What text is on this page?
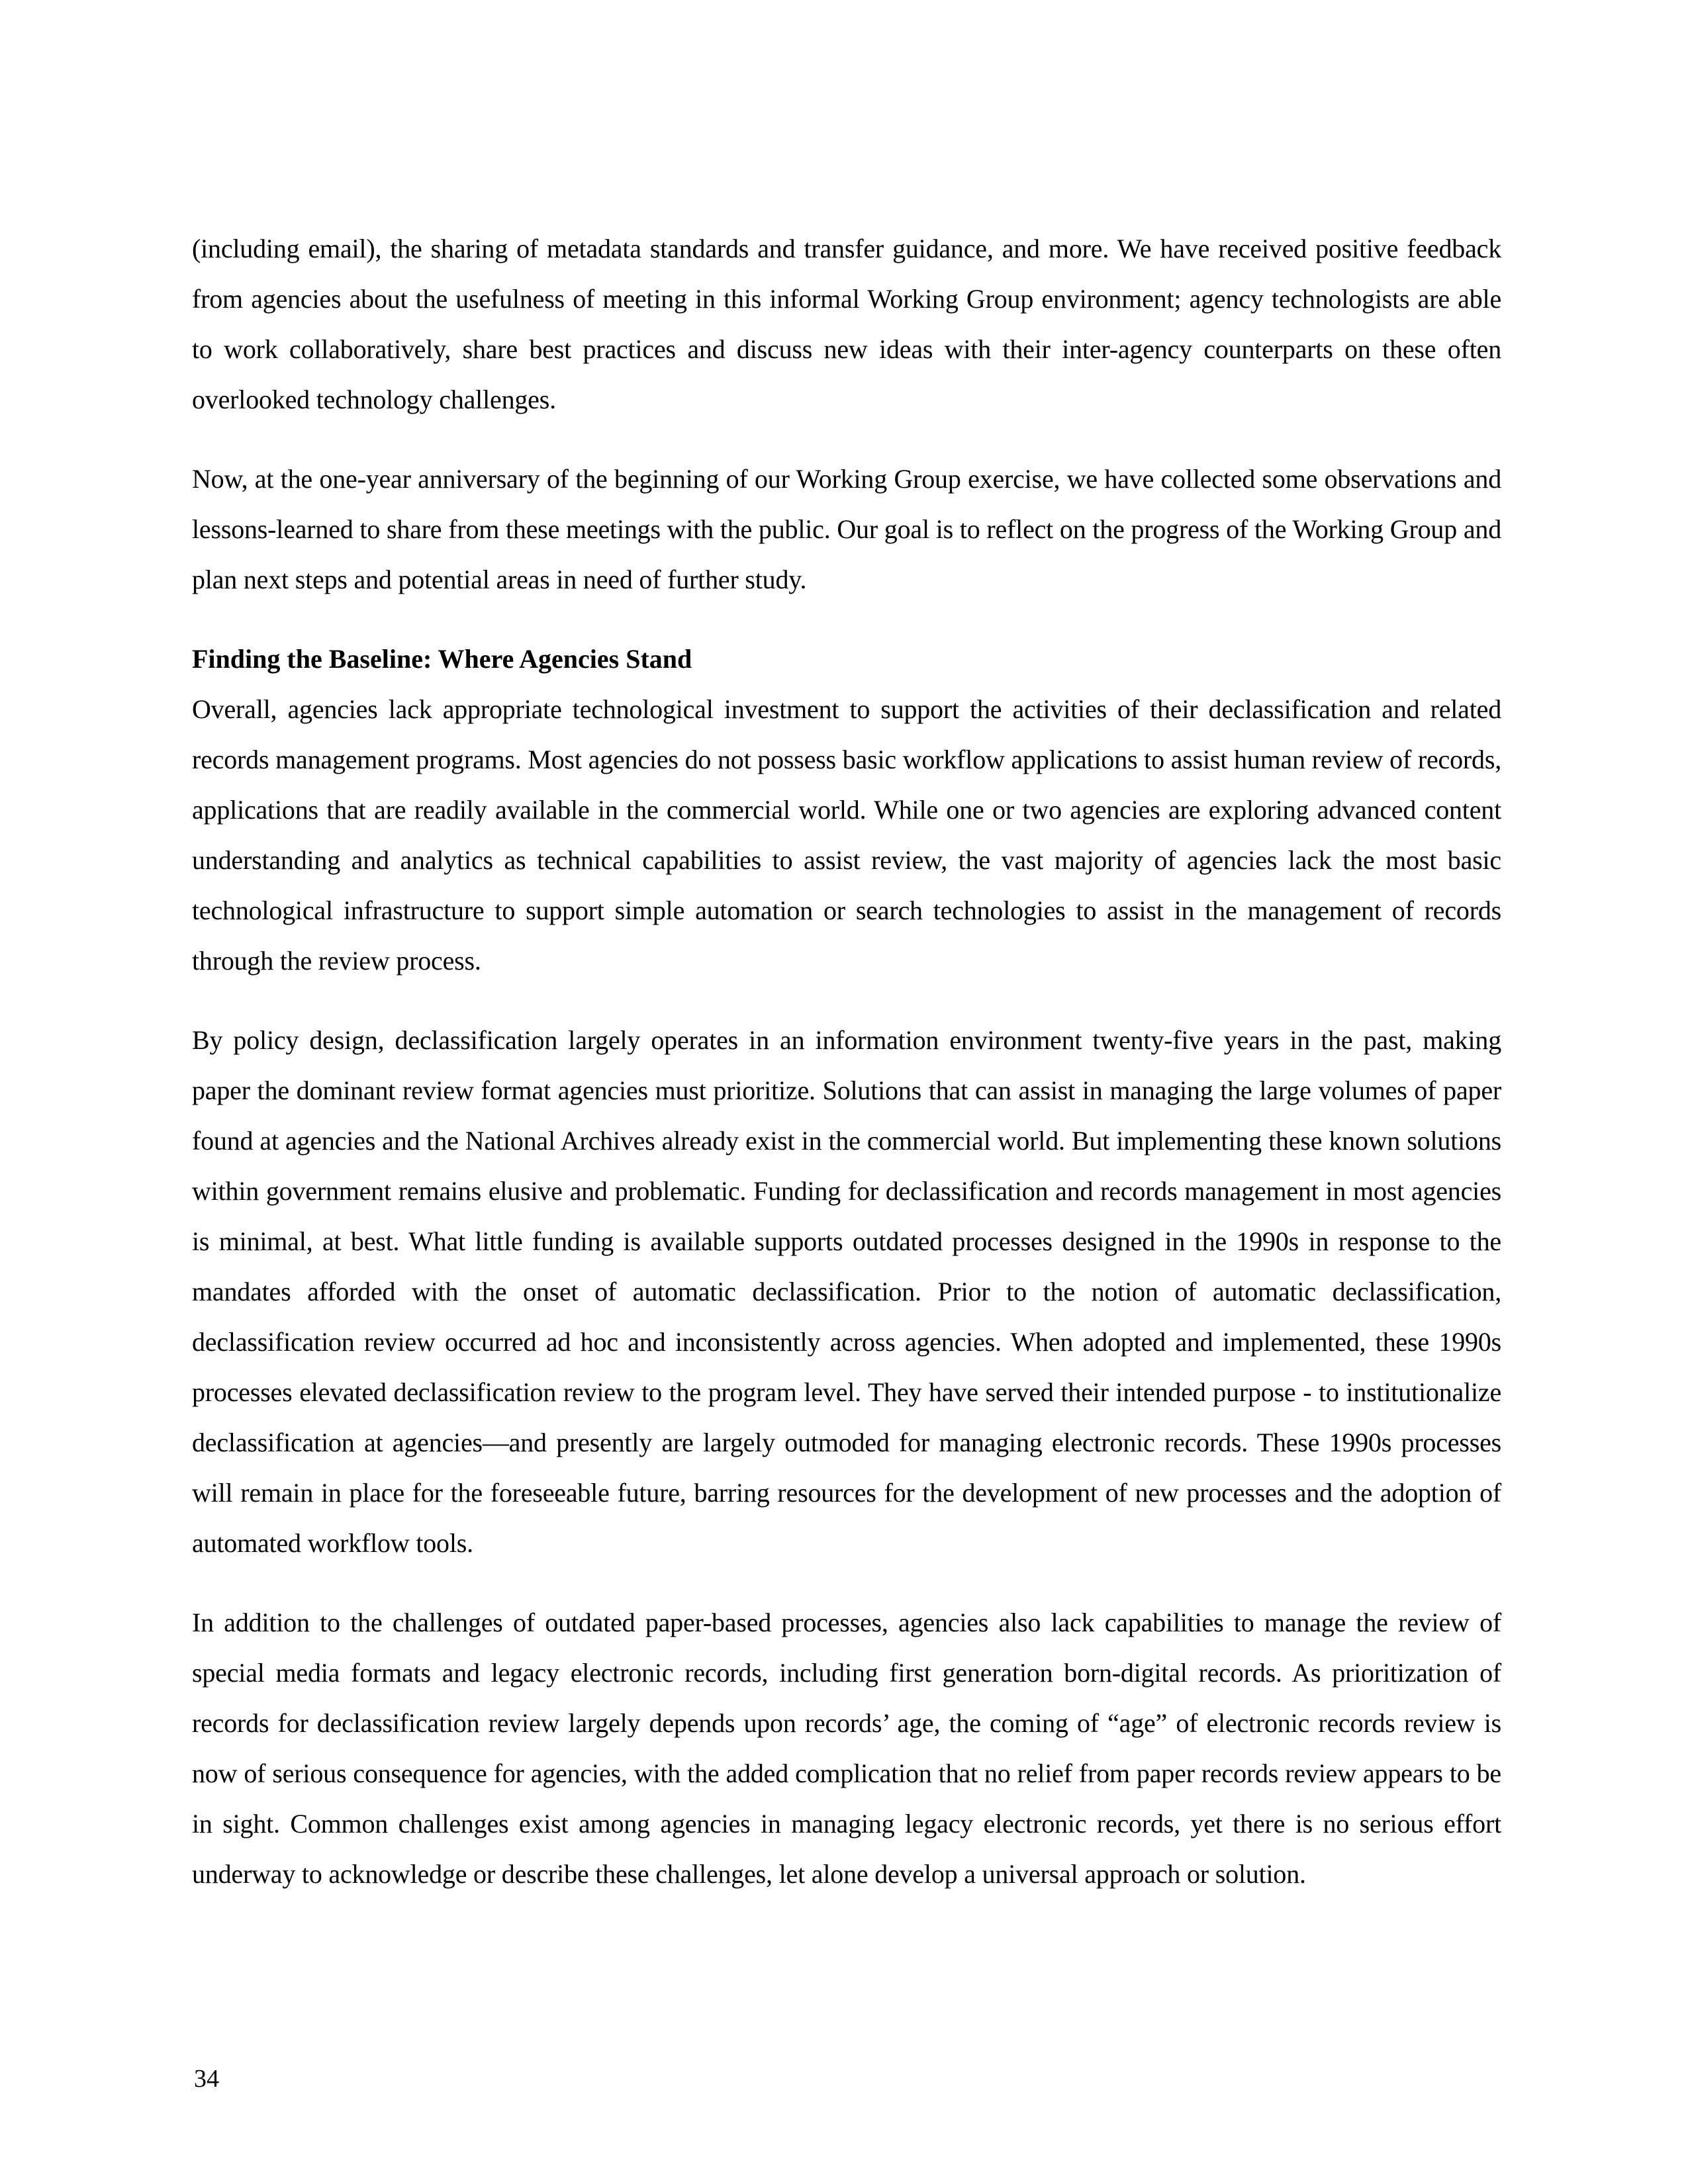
(including email), the sharing of metadata standards and transfer guidance, and more. We have received positive feedback from agencies about the usefulness of meeting in this informal Working Group environment; agency technologists are able to work collaboratively, share best practices and discuss new ideas with their inter-agency counterparts on these often overlooked technology challenges.

Now, at the one-year anniversary of the beginning of our Working Group exercise, we have collected some observations and lessons-learned to share from these meetings with the public. Our goal is to reflect on the progress of the Working Group and plan next steps and potential areas in need of further study.

Finding the Baseline: Where Agencies Stand

Overall, agencies lack appropriate technological investment to support the activities of their declassification and related records management programs. Most agencies do not possess basic workflow applications to assist human review of records, applications that are readily available in the commercial world. While one or two agencies are exploring advanced content understanding and analytics as technical capabilities to assist review, the vast majority of agencies lack the most basic technological infrastructure to support simple automation or search technologies to assist in the management of records through the review process.

By policy design, declassification largely operates in an information environment twenty-five years in the past, making paper the dominant review format agencies must prioritize. Solutions that can assist in managing the large volumes of paper found at agencies and the National Archives already exist in the commercial world. But implementing these known solutions within government remains elusive and problematic. Funding for declassification and records management in most agencies is minimal, at best. What little funding is available supports outdated processes designed in the 1990s in response to the mandates afforded with the onset of automatic declassification. Prior to the notion of automatic declassification, declassification review occurred ad hoc and inconsistently across agencies. When adopted and implemented, these 1990s processes elevated declassification review to the program level. They have served their intended purpose - to institutionalize declassification at agencies—and presently are largely outmoded for managing electronic records. These 1990s processes will remain in place for the foreseeable future, barring resources for the development of new processes and the adoption of automated workflow tools.

In addition to the challenges of outdated paper-based processes, agencies also lack capabilities to manage the review of special media formats and legacy electronic records, including first generation born-digital records. As prioritization of records for declassification review largely depends upon records’ age, the coming of “age” of electronic records review is now of serious consequence for agencies, with the added complication that no relief from paper records review appears to be in sight. Common challenges exist among agencies in managing legacy electronic records, yet there is no serious effort underway to acknowledge or describe these challenges, let alone develop a universal approach or solution.

34
